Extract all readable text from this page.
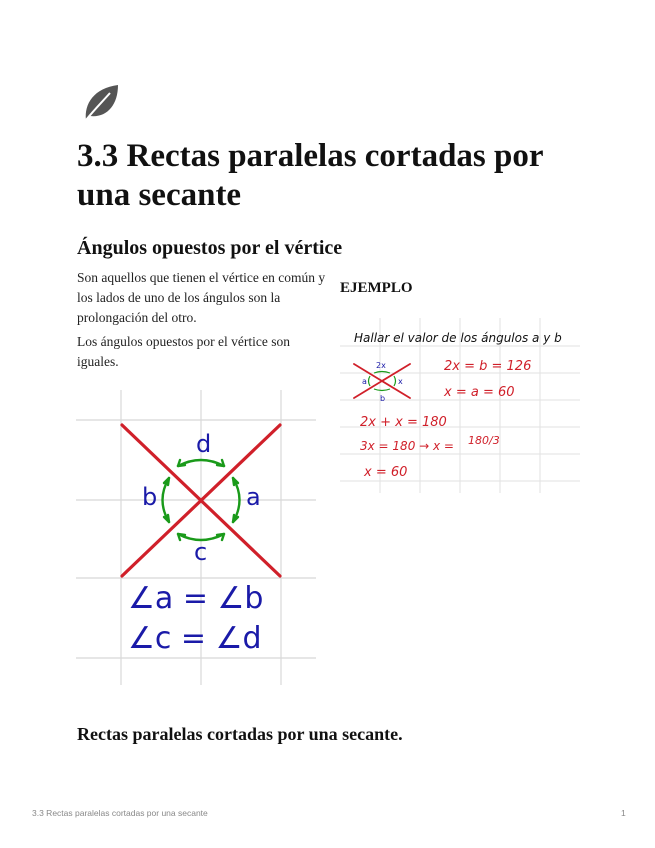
3.3 Rectas paralelas cortadas por una secante
Ángulos opuestos por el vértice

Son aquellos que tienen el vértice en común y los lados de uno de los ángulos son la prolongación del otro.

Los ángulos opuestos por el vértice son iguales.

d
b	a
c
∠a = ∠b
∠c = ∠d
EJEMPLO
Hallar el valor de los ángulos a y b
2x
a	x
b
2x = b = 126
x = a = 60
2x + x = 180
3x = 180 → x = 180/3
x = 60
Rectas paralelas cortadas por una secante.
3.3 Rectas paralelas cortadas por una secante	1
